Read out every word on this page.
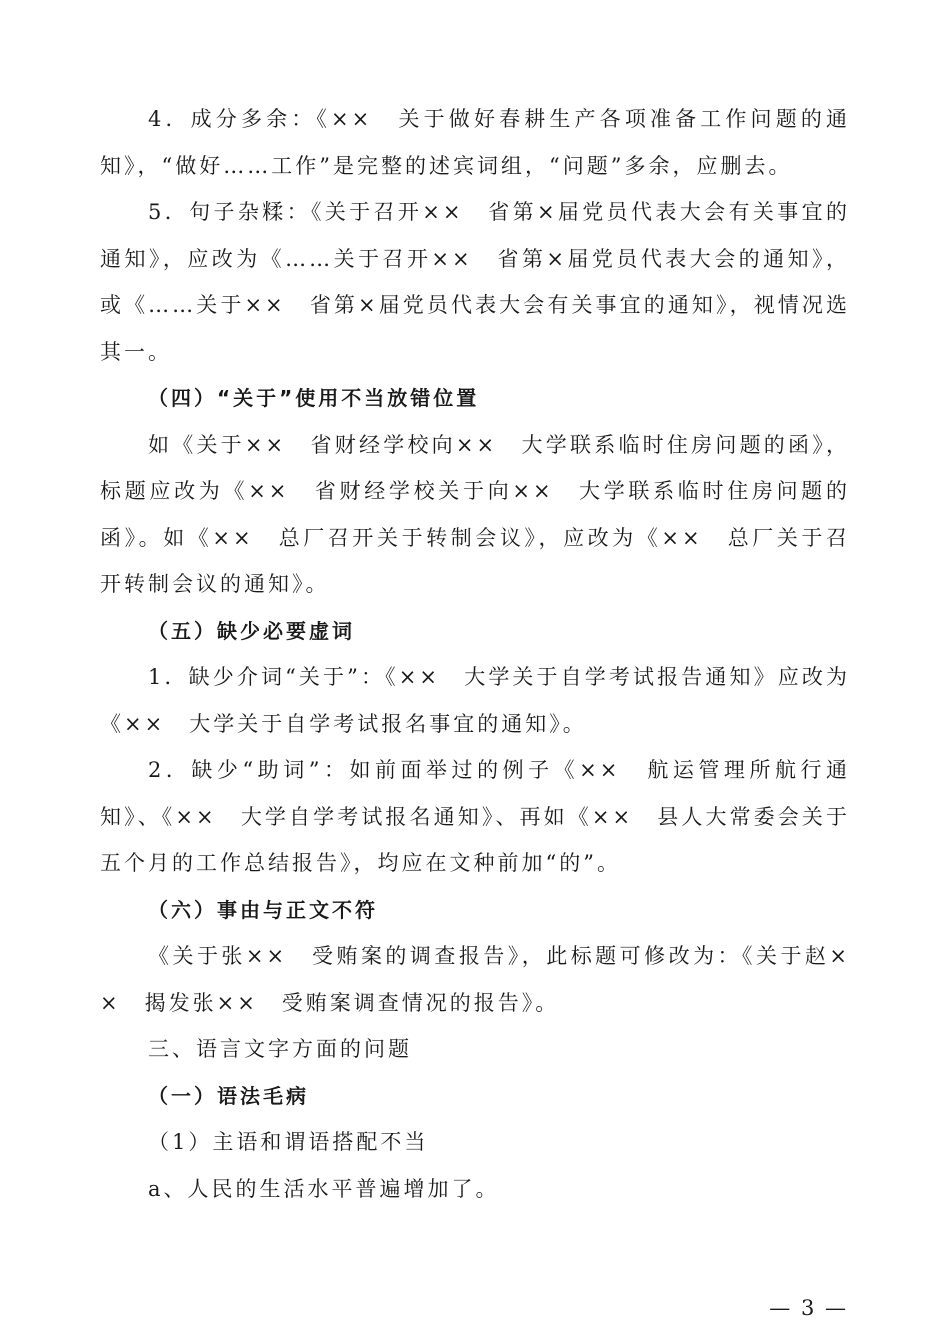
4．成分多余：《××　关于做好春耕生产各项准备工作问题的通知》，“做好……工作”是完整的述宾词组，“问题”多余，应删去。

5．句子杂糅：《关于召开××　省第×届党员代表大会有关事宜的通知》，应改为《……关于召开××　省第×届党员代表大会的通知》，或《……关于××　省第×届党员代表大会有关事宜的通知》，视情况选其一。

（四）“关于”使用不当放错位置

如《关于××　省财经学校向××　大学联系临时住房问题的函》，标题应改为《××　省财经学校关于向××　大学联系临时住房问题的函》。如《××　总厂召开关于转制会议》，应改为《××　总厂关于召开转制会议的通知》。

（五）缺少必要虚词

1．缺少介词“关于”：《××　大学关于自学考试报告通知》应改为《××　大学关于自学考试报名事宜的通知》。

2．缺少“助词”：如前面举过的例子《××　航运管理所航行通知》、《××　大学自学考试报名通知》、再如《××　县人大常委会关于五个月的工作总结报告》，均应在文种前加“的”。

（六）事由与正文不符

《关于张××　受贿案的调查报告》，此标题可修改为：《关于赵××　揭发张××　受贿案调查情况的报告》。

三、语言文字方面的问题

（一）语法毛病

（1）主语和谓语搭配不当

a、人民的生活水平普遍增加了。

— 3 —
